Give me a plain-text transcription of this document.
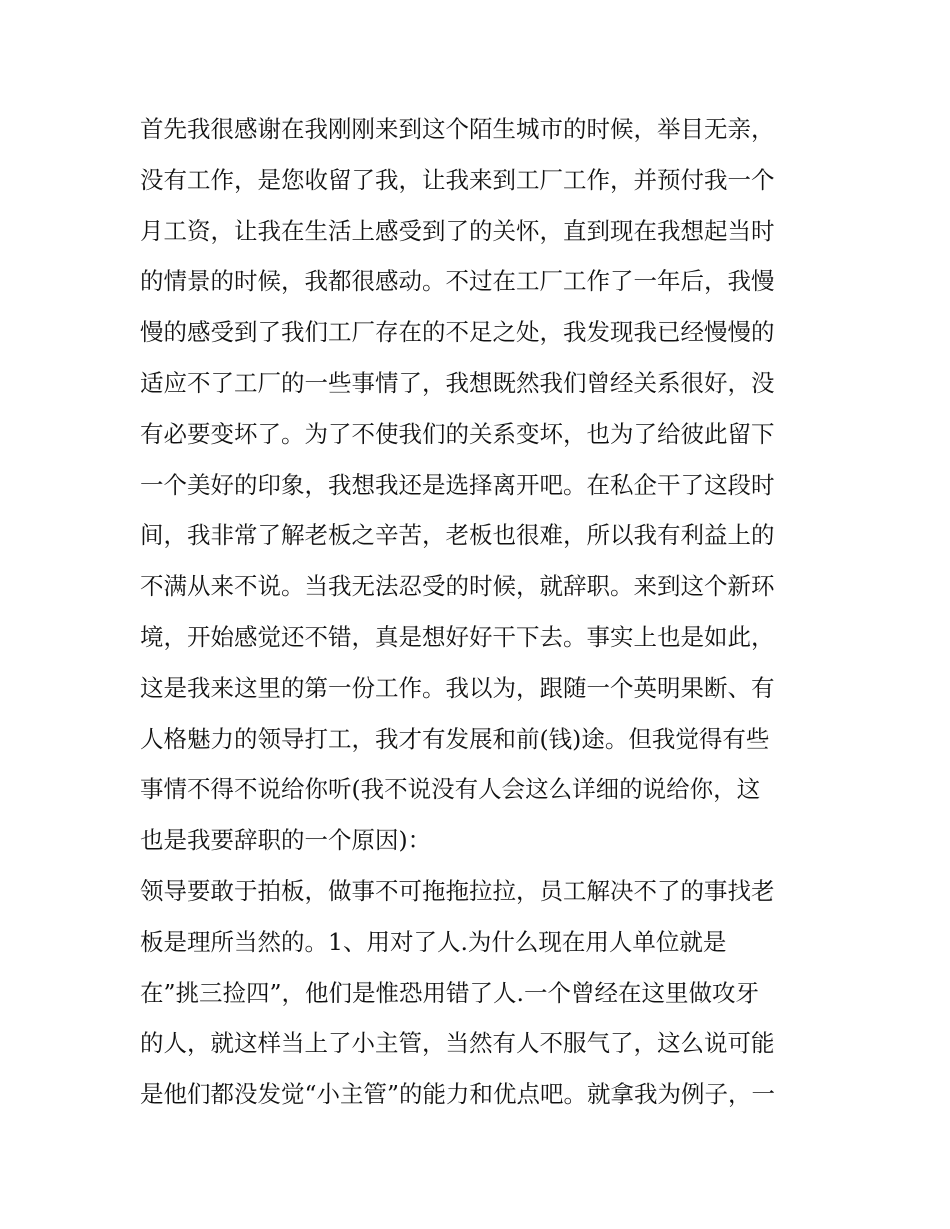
首先我很感谢在我刚刚来到这个陌生城市的时候，举目无亲，
没有工作，是您收留了我，让我来到工厂工作，并预付我一个
月工资，让我在生活上感受到了的关怀，直到现在我想起当时
的情景的时候，我都很感动。不过在工厂工作了一年后，我慢
慢的感受到了我们工厂存在的不足之处，我发现我已经慢慢的
适应不了工厂的一些事情了，我想既然我们曾经关系很好，没
有必要变坏了。为了不使我们的关系变坏，也为了给彼此留下
一个美好的印象，我想我还是选择离开吧。在私企干了这段时
间，我非常了解老板之辛苦，老板也很难，所以我有利益上的
不满从来不说。当我无法忍受的时候，就辞职。来到这个新环
境，开始感觉还不错，真是想好好干下去。事实上也是如此，
这是我来这里的第一份工作。我以为，跟随一个英明果断、有
人格魅力的领导打工，我才有发展和前(钱)途。但我觉得有些
事情不得不说给你听(我不说没有人会这么详细的说给你，这
也是我要辞职的一个原因)：
领导要敢于拍板，做事不可拖拖拉拉，员工解决不了的事找老
板是理所当然的。1、用对了人.为什么现在用人单位就是
在”挑三捡四”，他们是惟恐用错了人.一个曾经在这里做攻牙
的人，就这样当上了小主管，当然有人不服气了，这么说可能
是他们都没发觉“小主管”的能力和优点吧。就拿我为例子，一
